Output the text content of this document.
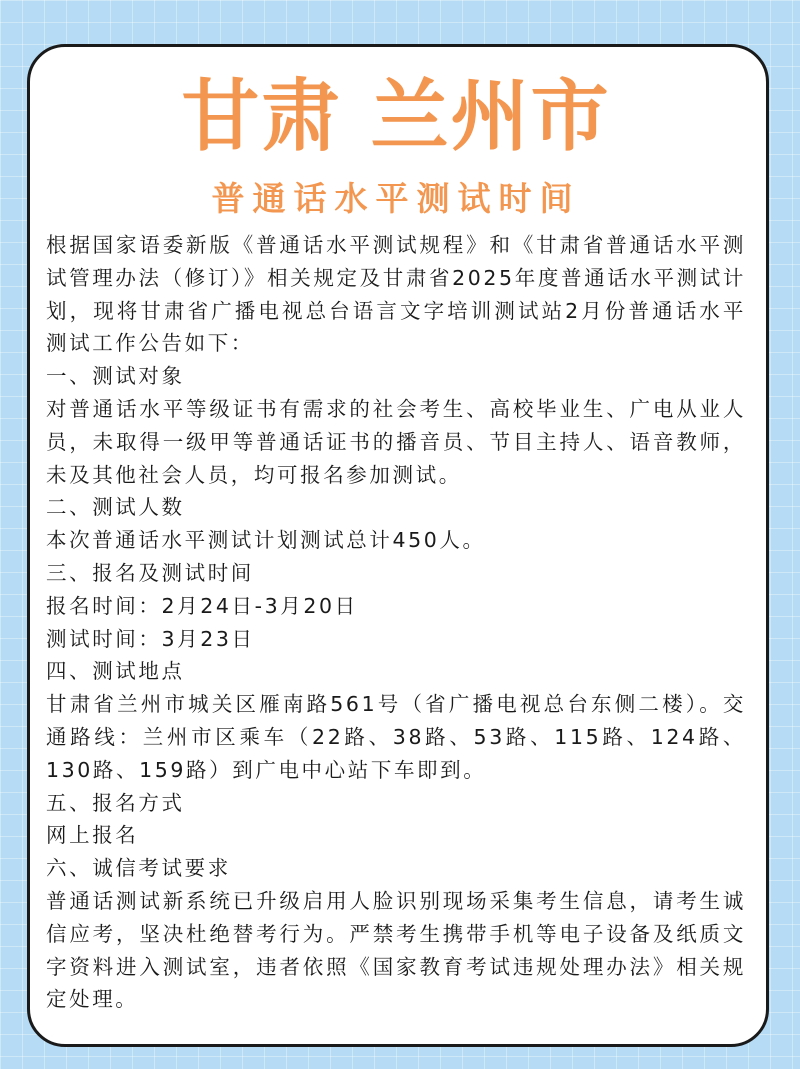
甘肃 兰州市
普通话水平测试时间

根据国家语委新版《普通话水平测试规程》和《甘肃省普通话水平测试管理办法（修订）》相关规定及甘肃省2025年度普通话水平测试计划，现将甘肃省广播电视总台语言文字培训测试站2月份普通话水平测试工作公告如下：

一、测试对象

对普通话水平等级证书有需求的社会考生、高校毕业生、广电从业人员，未取得一级甲等普通话证书的播音员、节目主持人、语音教师，未及其他社会人员，均可报名参加测试。

二、测试人数

本次普通话水平测试计划测试总计450人。

三、报名及测试时间

报名时间：2月24日-3月20日

测试时间：3月23日

四、测试地点

甘肃省兰州市城关区雁南路561号（省广播电视总台东侧二楼）。交通路线：兰州市区乘车（22路、38路、53路、115路、124路、130路、159路）到广电中心站下车即到。

五、报名方式

网上报名

六、诚信考试要求

普通话测试新系统已升级启用人脸识别现场采集考生信息，请考生诚信应考，坚决杜绝替考行为。严禁考生携带手机等电子设备及纸质文字资料进入测试室，违者依照《国家教育考试违规处理办法》相关规定处理。
